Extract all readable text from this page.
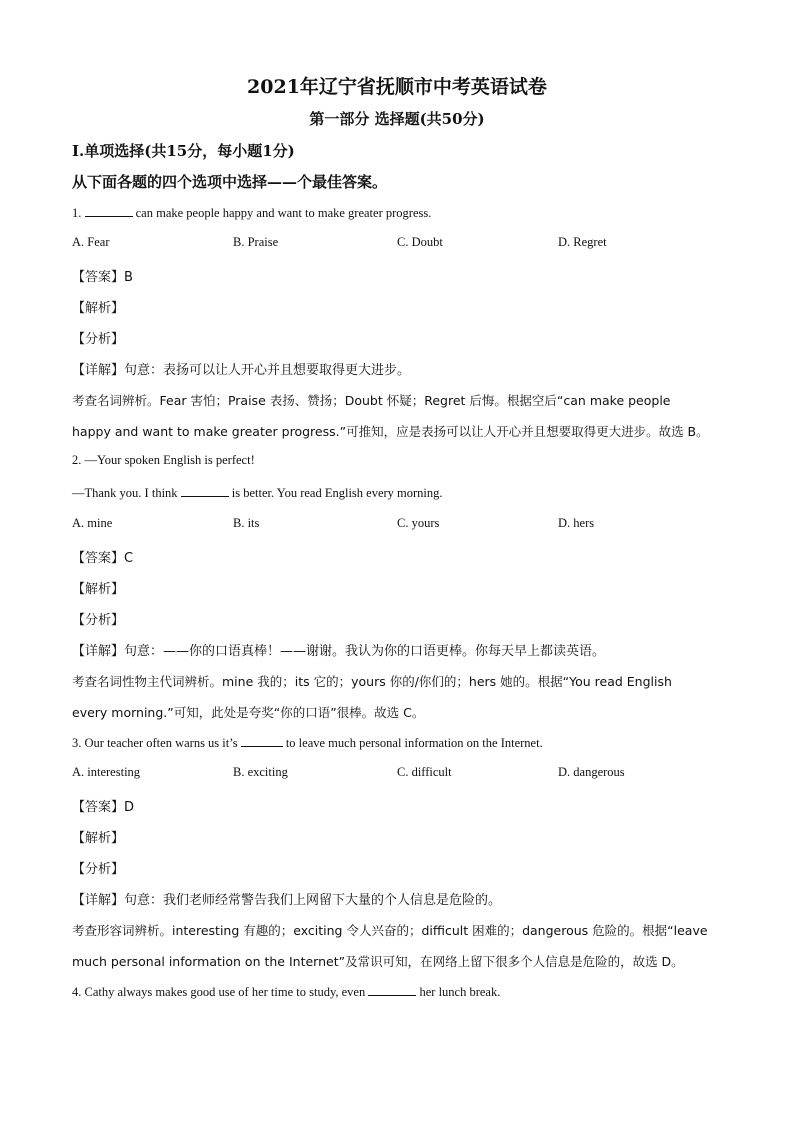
2021年辽宁省抚顺市中考英语试卷
第一部分 选择题(共50分)
Ⅰ.单项选择(共15分，每小题1分)
从下面各题的四个选项中选择——个最佳答案。
1.	can make people happy and want to make greater progress.
A. Fear	B. Praise	C. Doubt	D. Regret
【答案】B
【解析】
【分析】
【详解】句意：表扬可以让人开心并且想要取得更大进步。
考查名词辨析。Fear 害怕；Praise 表扬、赞扬；Doubt 怀疑；Regret 后悔。根据空后“can make people
happy and want to make greater progress.”可推知，应是表扬可以让人开心并且想要取得更大进步。故选 B。
2. —Your spoken English is perfect!
—Thank you. I think	is better. You read English every morning.
A. mine	B. its	C. yours	D. hers
【答案】C
【解析】
【分析】
【详解】句意：——你的口语真棒！——谢谢。我认为你的口语更棒。你每天早上都读英语。
考查名词性物主代词辨析。mine 我的；its 它的；yours 你的/你们的；hers 她的。根据“You read English
every morning.”可知，此处是夸奖“你的口语”很棒。故选 C。
3. Our teacher often warns us it’s	to leave much personal information on the Internet.
A. interesting	B. exciting	C. difficult	D. dangerous
【答案】D
【解析】
【分析】
【详解】句意：我们老师经常警告我们上网留下大量的个人信息是危险的。
考查形容词辨析。interesting 有趣的；exciting 令人兴奋的；difficult 困难的；dangerous 危险的。根据“leave
much personal information on the Internet”及常识可知，在网络上留下很多个人信息是危险的，故选 D。
4. Cathy always makes good use of her time to study, even	her lunch break.
